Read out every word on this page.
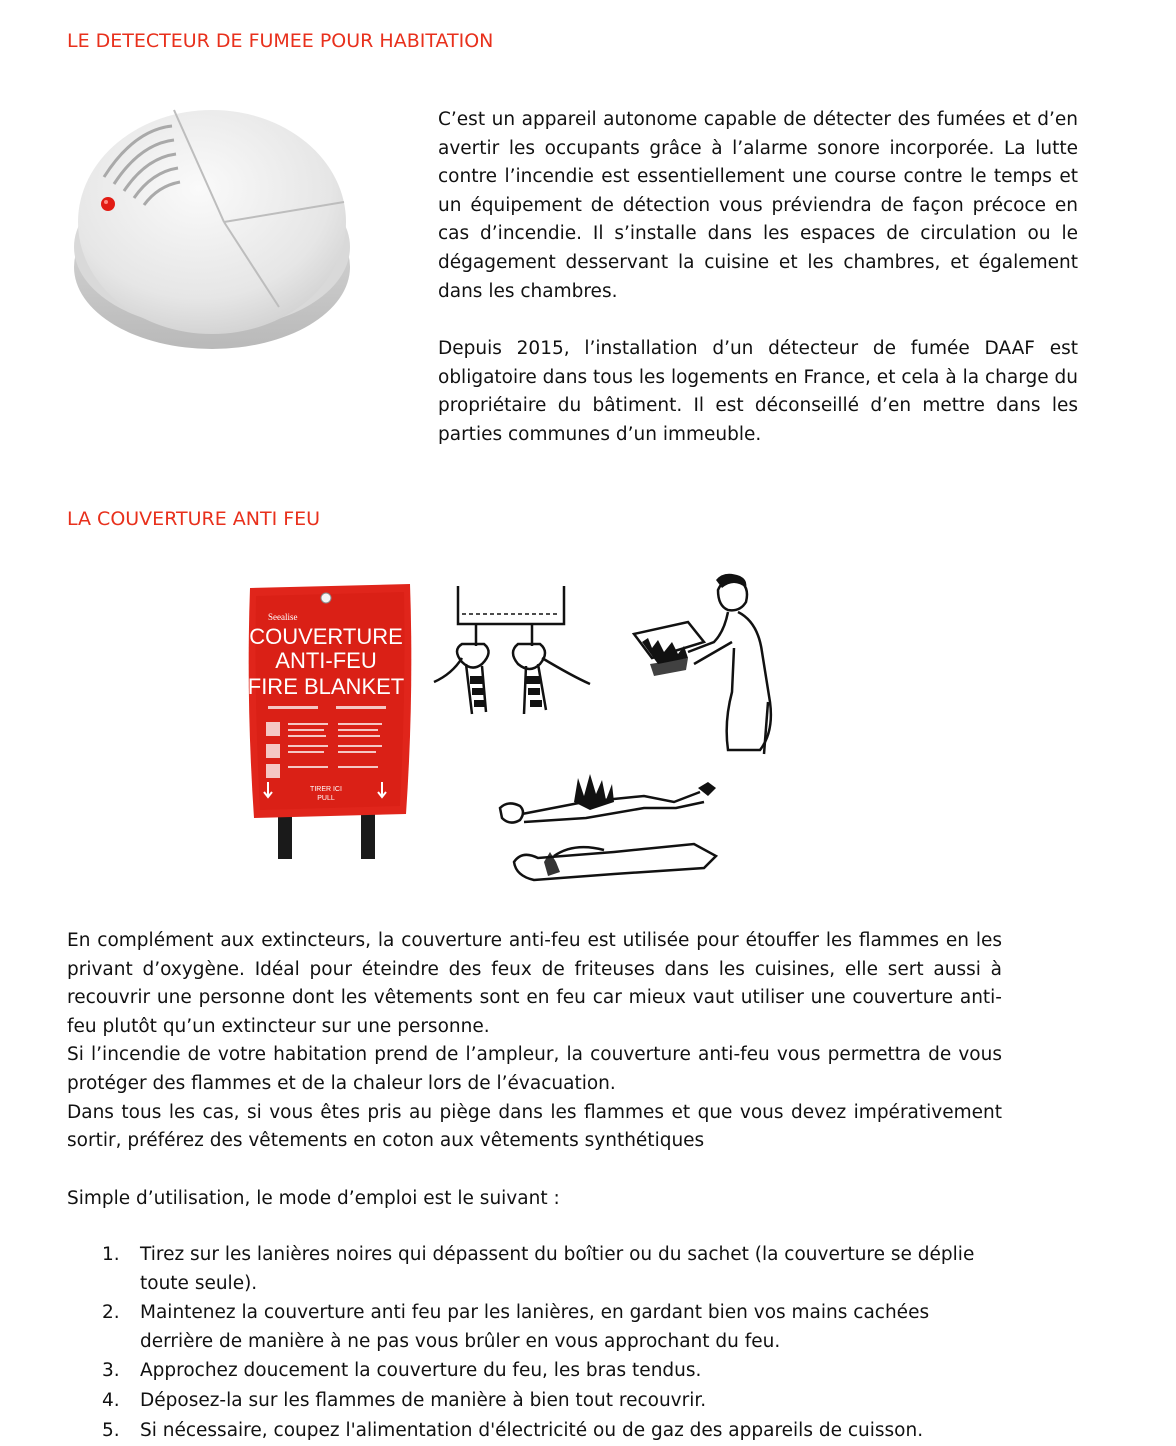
LE DETECTEUR DE FUMEE POUR HABITATION

C’est un appareil autonome capable de détecter des fumées et d’en avertir les occupants grâce à l’alarme sonore incorporée. La lutte contre l’incendie est essentiellement une course contre le temps et un équipement de détection vous préviendra de façon précoce en cas d’incendie. Il s’installe dans les espaces de circulation ou le dégagement desservant la cuisine et les chambres, et également dans les chambres.

Depuis 2015, l’installation d’un détecteur de fumée DAAF est obligatoire dans tous les logements en France, et cela à la charge du propriétaire du bâtiment. Il est déconseillé d’en mettre dans les parties communes d’un immeuble.

LA COUVERTURE ANTI FEU
Seealise
COUVERTURE
ANTI-FEU
FIRE BLANKET
TIRER ICI
PULL
En complément aux extincteurs, la couverture anti-feu est utilisée pour étouffer les flammes en les privant d’oxygène. Idéal pour éteindre des feux de friteuses dans les cuisines, elle sert aussi à recouvrir une personne dont les vêtements sont en feu car mieux vaut utiliser une couverture anti-feu plutôt qu’un extincteur sur une personne.
Si l’incendie de votre habitation prend de l’ampleur, la couverture anti-feu vous permettra de vous protéger des flammes et de la chaleur lors de l’évacuation.
Dans tous les cas, si vous êtes pris au piège dans les flammes et que vous devez impérativement sortir, préférez des vêtements en coton aux vêtements synthétiques

Simple d’utilisation, le mode d’emploi est le suivant :

1. Tirez sur les lanières noires qui dépassent du boîtier ou du sachet (la couverture se déplie toute seule).
2. Maintenez la couverture anti feu par les lanières, en gardant bien vos mains cachées derrière de manière à ne pas vous brûler en vous approchant du feu.
3. Approchez doucement la couverture du feu, les bras tendus.
4. Déposez-la sur les flammes de manière à bien tout recouvrir.
5. Si nécessaire, coupez l'alimentation d'électricité ou de gaz des appareils de cuisson.
